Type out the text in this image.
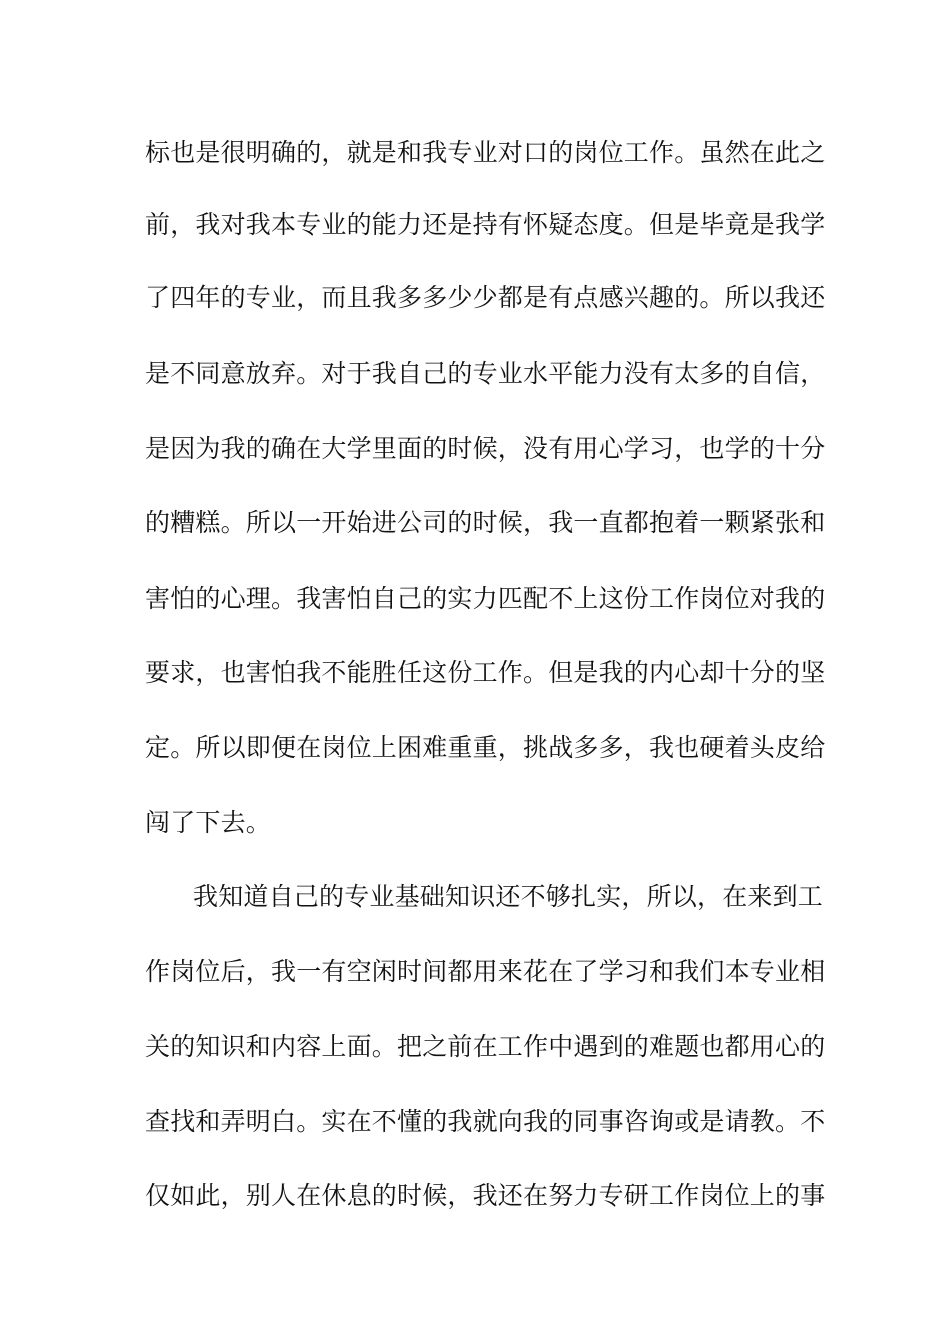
标也是很明确的，就是和我专业对口的岗位工作。虽然在此之
前，我对我本专业的能力还是持有怀疑态度。但是毕竟是我学
了四年的专业，而且我多多少少都是有点感兴趣的。所以我还
是不同意放弃。对于我自己的专业水平能力没有太多的自信，
是因为我的确在大学里面的时候，没有用心学习，也学的十分
的糟糕。所以一开始进公司的时候，我一直都抱着一颗紧张和
害怕的心理。我害怕自己的实力匹配不上这份工作岗位对我的
要求，也害怕我不能胜任这份工作。但是我的内心却十分的坚
定。所以即便在岗位上困难重重，挑战多多，我也硬着头皮给
闯了下去。
我知道自己的专业基础知识还不够扎实，所以，在来到工
作岗位后，我一有空闲时间都用来花在了学习和我们本专业相
关的知识和内容上面。把之前在工作中遇到的难题也都用心的
查找和弄明白。实在不懂的我就向我的同事咨询或是请教。不
仅如此，别人在休息的时候，我还在努力专研工作岗位上的事
